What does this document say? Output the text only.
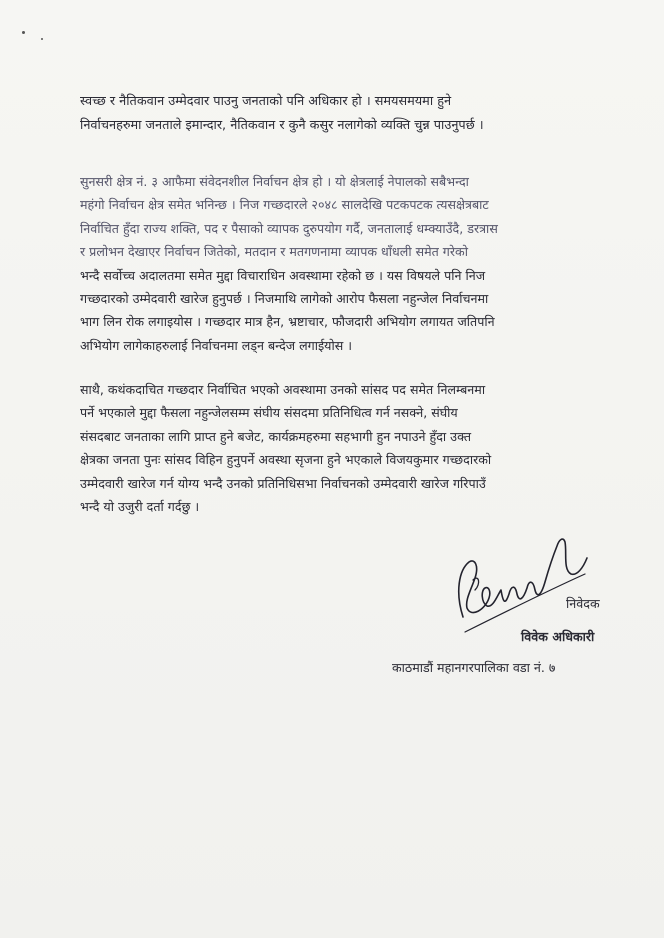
स्वच्छ र नैतिकवान उम्मेदवार पाउनु जनताको पनि अधिकार हो । समयसमयमा हुने
निर्वाचनहरुमा जनताले इमान्दार, नैतिकवान र कुनै कसुर नलागेको व्यक्ति चुन्न पाउनुपर्छ ।
सुनसरी क्षेत्र नं. ३ आफैमा संवेदनशील निर्वाचन क्षेत्र हो । यो क्षेत्रलाई नेपालको सबैभन्दा
महंगो निर्वाचन क्षेत्र समेत भनिन्छ । निज गच्छदारले २०४८ सालदेखि पटकपटक त्यसक्षेत्रबाट
निर्वाचित हुँदा राज्य शक्ति, पद र पैसाको व्यापक दुरुपयोग गर्दै, जनतालाई धम्क्याउँदै, डरत्रास
र प्रलोभन देखाएर निर्वाचन जितेको, मतदान र मतगणनामा व्यापक धाँधली समेत गरेको
भन्दै सर्वोच्च अदालतमा समेत मुद्दा विचाराधिन अवस्थामा रहेको छ । यस विषयले पनि निज
गच्छदारको उम्मेदवारी खारेज हुनुपर्छ । निजमाथि लागेको आरोप फैसला नहुन्जेल निर्वाचनमा
भाग लिन रोक लगाइयोस । गच्छदार मात्र हैन, भ्रष्टाचार, फौजदारी अभियोग लगायत जतिपनि
अभियोग लागेकाहरुलाई निर्वाचनमा लड्न बन्देज लगाईयोस ।
साथै, कथंकदाचित गच्छदार निर्वाचित भएको अवस्थामा उनको सांसद पद समेत निलम्बनमा
पर्ने भएकाले मुद्दा फैसला नहुन्जेलसम्म संघीय संसदमा प्रतिनिधित्व गर्न नसक्ने, संघीय
संसदबाट जनताका लागि प्राप्त हुने बजेट, कार्यक्रमहरुमा सहभागी हुन नपाउने हुँदा उक्त
क्षेत्रका जनता पुनः सांसद विहिन हुनुपर्ने अवस्था सृजना हुने भएकाले विजयकुमार गच्छदारको
उम्मेदवारी खारेज गर्न योग्य भन्दै उनको प्रतिनिधिसभा निर्वाचनको उम्मेदवारी खारेज गरिपाउँ
भन्दै यो उजुरी दर्ता गर्दछु ।
निवेदक
विवेक अधिकारी
काठमाडौं महानगरपालिका वडा नं. ७
